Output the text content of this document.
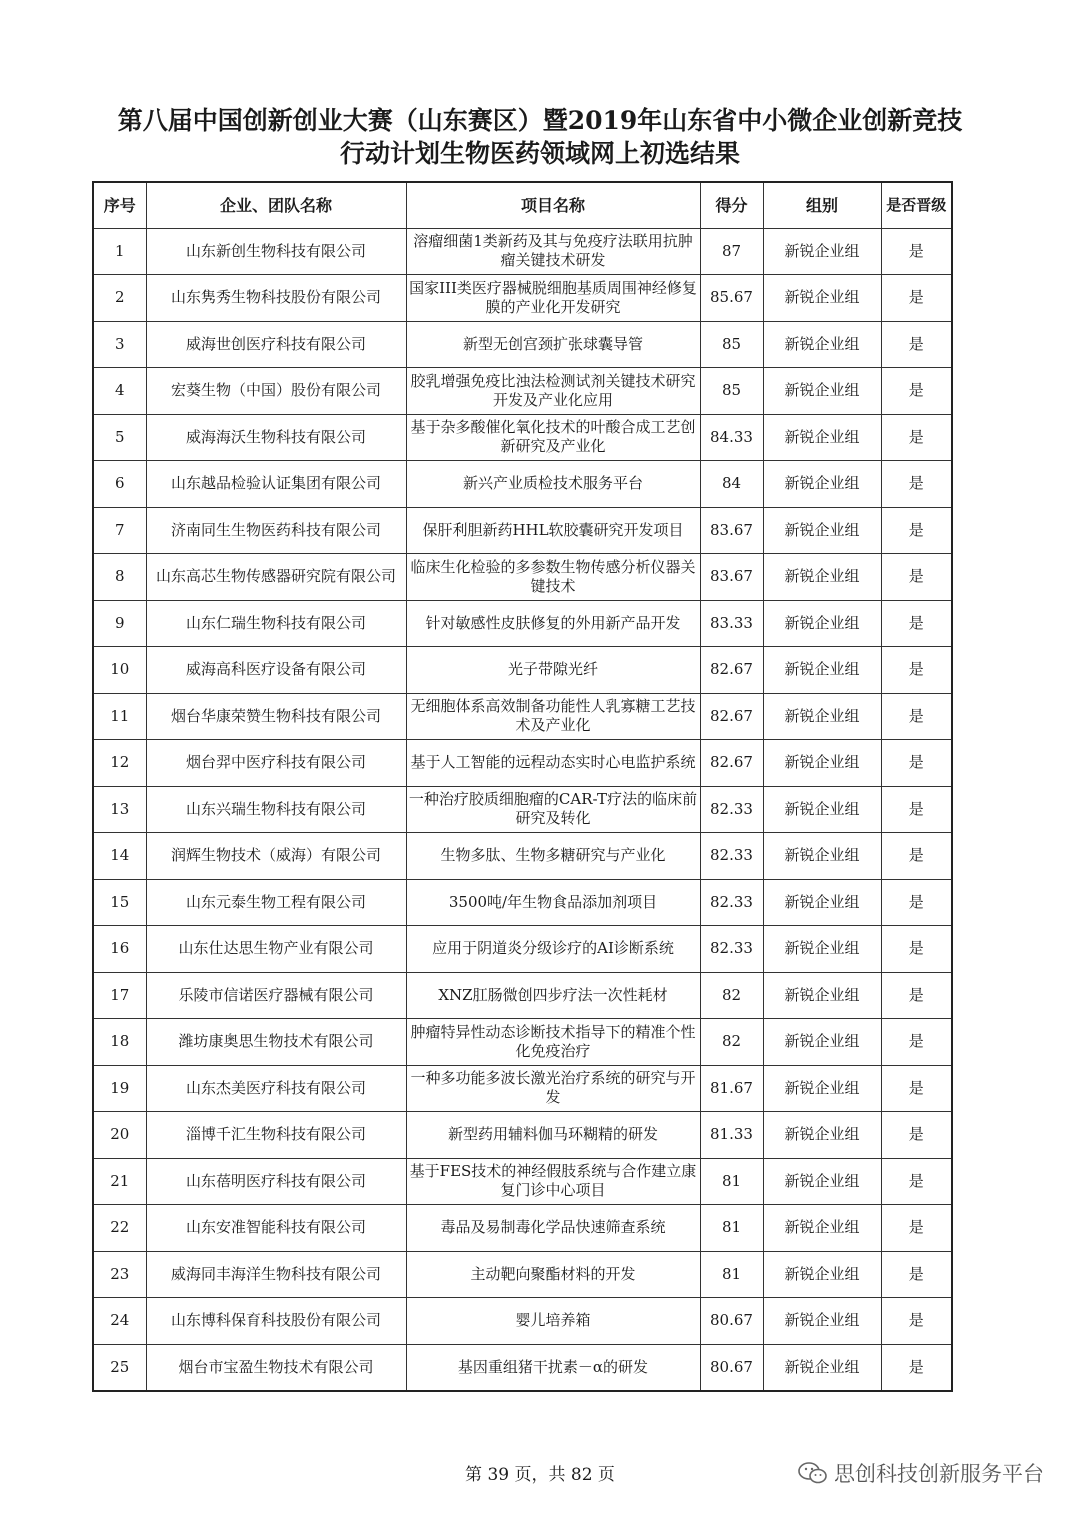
第八届中国创新创业大赛（山东赛区）暨2019年山东省中小微企业创新竞技
行动计划生物医药领域网上初选结果
序号	企业、团队名称	项目名称	得分	组别	是否晋级
1	山东新创生物科技有限公司	溶瘤细菌1类新药及其与免疫疗法联用抗肿瘤关键技术研发	87	新锐企业组	是
2	山东隽秀生物科技股份有限公司	国家III类医疗器械脱细胞基质周围神经修复膜的产业化开发研究	85.67	新锐企业组	是
3	威海世创医疗科技有限公司	新型无创宫颈扩张球囊导管	85	新锐企业组	是
4	宏葵生物（中国）股份有限公司	胶乳增强免疫比浊法检测试剂关键技术研究开发及产业化应用	85	新锐企业组	是
5	威海海沃生物科技有限公司	基于杂多酸催化氧化技术的叶酸合成工艺创新研究及产业化	84.33	新锐企业组	是
6	山东越品检验认证集团有限公司	新兴产业质检技术服务平台	84	新锐企业组	是
7	济南同生生物医药科技有限公司	保肝利胆新药HHL软胶囊研究开发项目	83.67	新锐企业组	是
8	山东高芯生物传感器研究院有限公司	临床生化检验的多参数生物传感分析仪器关键技术	83.67	新锐企业组	是
9	山东仁瑞生物科技有限公司	针对敏感性皮肤修复的外用新产品开发	83.33	新锐企业组	是
10	威海高科医疗设备有限公司	光子带隙光纤	82.67	新锐企业组	是
11	烟台华康荣赞生物科技有限公司	无细胞体系高效制备功能性人乳寡糖工艺技术及产业化	82.67	新锐企业组	是
12	烟台羿中医疗科技有限公司	基于人工智能的远程动态实时心电监护系统	82.67	新锐企业组	是
13	山东兴瑞生物科技有限公司	一种治疗胶质细胞瘤的CAR-T疗法的临床前研究及转化	82.33	新锐企业组	是
14	润辉生物技术（威海）有限公司	生物多肽、生物多糖研究与产业化	82.33	新锐企业组	是
15	山东元泰生物工程有限公司	3500吨/年生物食品添加剂项目	82.33	新锐企业组	是
16	山东仕达思生物产业有限公司	应用于阴道炎分级诊疗的AI诊断系统	82.33	新锐企业组	是
17	乐陵市信诺医疗器械有限公司	XNZ肛肠微创四步疗法一次性耗材	82	新锐企业组	是
18	潍坊康奥思生物技术有限公司	肿瘤特异性动态诊断技术指导下的精准个性化免疫治疗	82	新锐企业组	是
19	山东杰美医疗科技有限公司	一种多功能多波长激光治疗系统的研究与开发	81.67	新锐企业组	是
20	淄博千汇生物科技有限公司	新型药用辅料伽马环糊精的研发	81.33	新锐企业组	是
21	山东蓓明医疗科技有限公司	基于FES技术的神经假肢系统与合作建立康复门诊中心项目	81	新锐企业组	是
22	山东安准智能科技有限公司	毒品及易制毒化学品快速筛查系统	81	新锐企业组	是
23	威海同丰海洋生物科技有限公司	主动靶向聚酯材料的开发	81	新锐企业组	是
24	山东博科保育科技股份有限公司	婴儿培养箱	80.67	新锐企业组	是
25	烟台市宝盈生物技术有限公司	基因重组猪干扰素－α的研发	80.67	新锐企业组	是
第 39 页，共 82 页	思创科技创新服务平台
